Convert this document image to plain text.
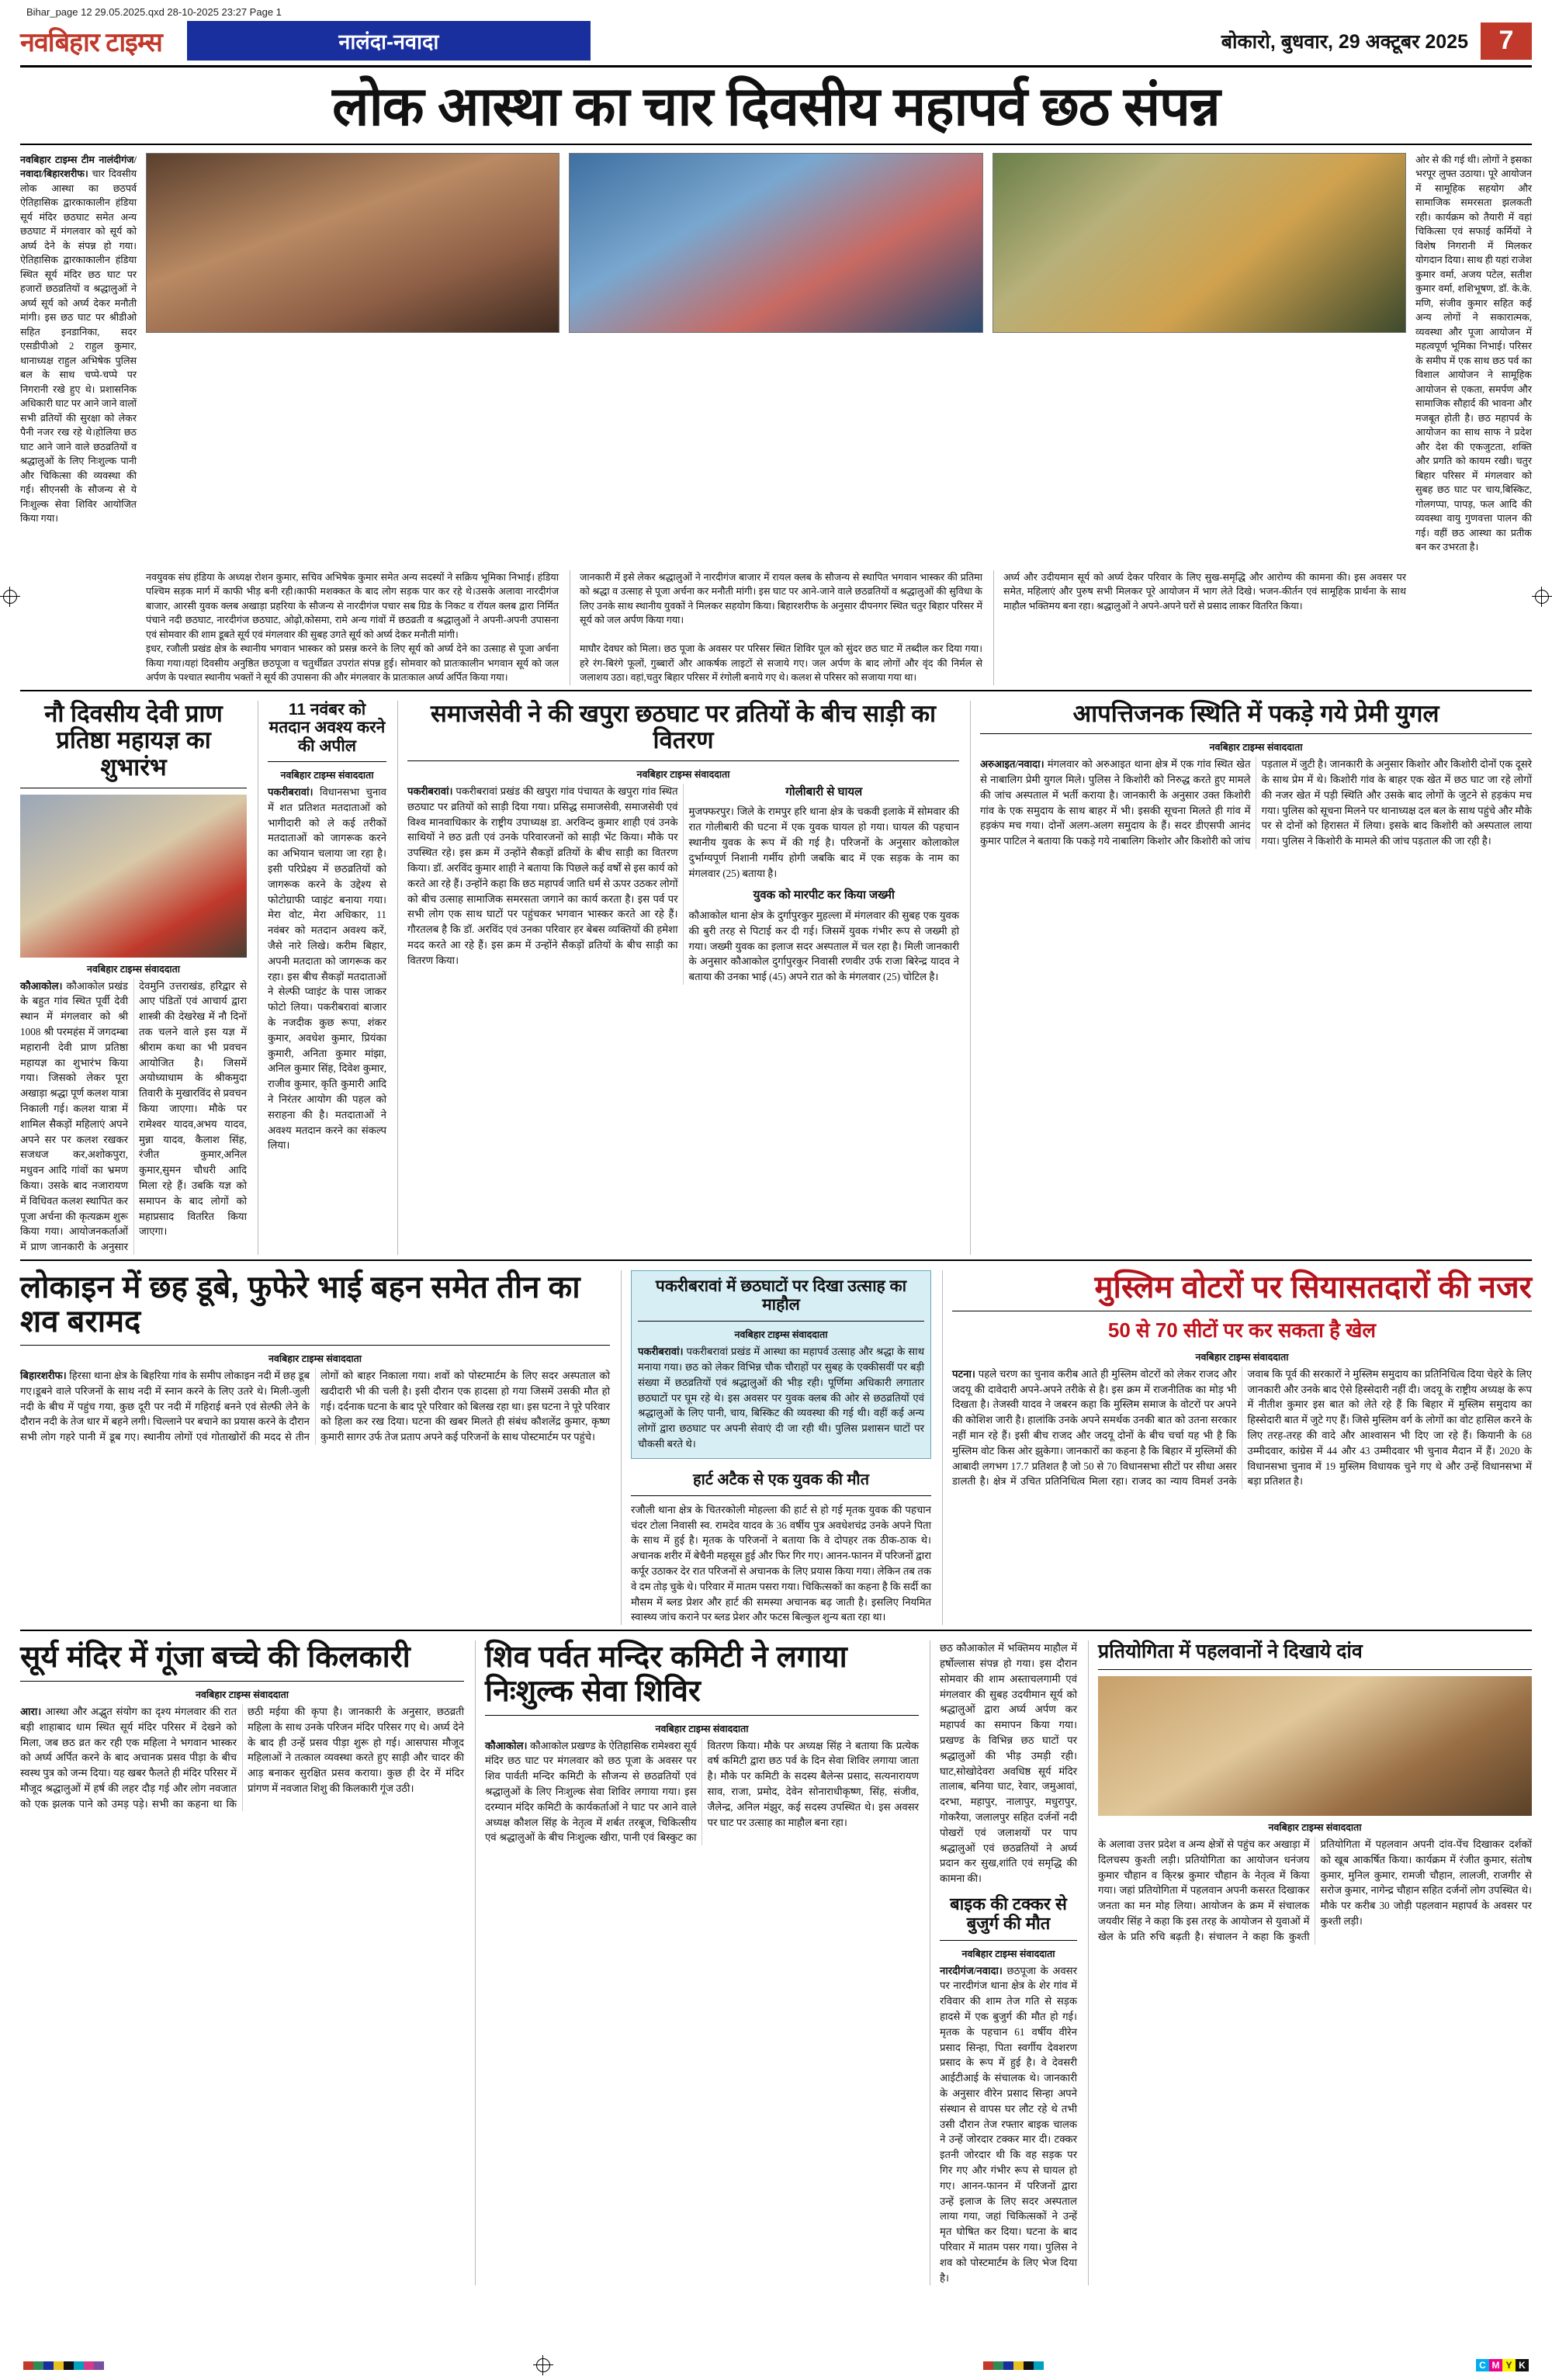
Bihar_page 12 29.05.2025.qxd 28-10-2025 23:27 Page 1
नवबिहार टाइम्स	नालंदा-नवादा	बोकारो, बुधवार, 29 अक्टूबर 2025	7
लोक आस्था का चार दिवसीय महापर्व छठ संपन्न
नवबिहार टाइम्स टीम नालंदीगंज/नवादा/बिहारशरीफ। चार दिवसीय लोक आस्था का छठपर्व ऐतिहासिक द्वारकाकालीन हंडिया सूर्य मंदिर छठघाट समेत अन्य छठघाट में मंगलवार को सूर्य को अर्घ्य देने के संपन्न हो गया। ऐतिहासिक द्वारकाकालीन हंडिया स्थित सूर्य मंदिर छठ घाट पर हजारों छठव्रतियों व श्रद्धालुओं ने अर्घ्य सूर्य को अर्घ्य देकर मनौती मांगी। इस छठ घाट पर श्रीडीओ सहित इनडानिका, सदर एसडीपीओ 2 राहुल कुमार, थानाध्यक्ष राहुल अभिषेक पुलिस बल के साथ चप्पे-चप्पे पर निगरानी रखे हुए थे। प्रशासनिक अधिकारी घाट पर आने जाने वालों सभी व्रतियों की सुरक्षा को लेकर पैनी नजर रख रहे थे।होलिया छठ घाट आने जाने वाले छठव्रतियों व श्रद्धालुओं के लिए निःशुल्क पानी और चिकित्सा की व्यवस्था की गई। सीएनसी के सौजन्य से ये निःशुल्क सेवा शिविर आयोजित किया गया।
ओर से की गई थी। लोगों ने इसका भरपूर लुफ्त उठाया। पूरे आयोजन में सामूहिक सहयोग और सामाजिक समरसता झलकती रही। कार्यक्रम को तैयारी में वहां चिकित्सा एवं सफाई कर्मियों ने विशेष निगरानी में मिलकर योगदान दिया। साथ ही यहां राजेश कुमार वर्मा, अजय पटेल, सतीश कुमार वर्मा, शशिभूषण, डॉ. के.के. मणि, संजीव कुमार सहित कई अन्य लोगों ने सकारात्मक, व्यवस्था और पूजा आयोजन में महत्वपूर्ण भूमिका निभाई। परिसर के समीप में एक साथ छठ पर्व का विशाल आयोजन ने सामूहिक आयोजन से एकता, समर्पण और सामाजिक सौहार्द की भावना और मजबूत होती है। छठ महापर्व के आयोजन का साथ साफ ने प्रदेश और देश की एकजुटता, शक्ति और प्रगति को कायम रखी। चतुर बिहार परिसर में मंगलवार को सुबह छठ घाट पर चाय,बिस्किट, गोलगप्पा, पापड़, फल आदि की व्यवस्था वायु गुणवत्ता पालन की गई। वहीं छठ आस्था का प्रतीक बन कर उभरता है।
नवयुवक संघ हंडिया के अध्यक्ष रोशन कुमार, सचिव अभिषेक कुमार समेत अन्य सदस्यों ने सक्रिय भूमिका निभाई। हंडिया पश्चिम सड़क मार्ग में काफी भीड़ बनी रही।काफी मशक्कत के बाद लोग सड़क पार कर रहे थे।उसके अलावा नारदीगंज बाजार, आरसी युवक क्लब अखाड़ा प्रहरिया के सौजन्य से नारदीगंज पचार सब ग्रिड के निकट व रॉयल क्लब द्वारा निर्मित पंचाने नदी छठघाट, नारदीगंज छठघाट, ओढ़ो,कोसमा, रामे अन्य गांवों में छठव्रती व श्रद्धालुओं ने अपनी-अपनी उपासना एवं सोमवार की शाम डूबते सूर्य एवं मंगलवार की सुबह उगते सूर्य को अर्घ्य देकर मनौती मांगी।
जानकारी में इसे लेकर श्रद्धालुओं ने नारदीगंज बाजार में रायल क्लब के सौजन्य से स्थापित भगवान भास्कर की प्रतिमा को श्रद्धा व उत्साह से पूजा अर्चना कर मनौती मांगी। इस घाट पर आने-जाने वाले छठव्रतियों व श्रद्धालुओं की सुविधा के लिए उनके साथ स्थानीय युवकों ने मिलकर सहयोग किया। बिहारशरीफ के अनुसार दीपनगर स्थित चतुर बिहार परिसर में सूर्य को जल अर्पण किया गया।
अर्घ्य और उदीयमान सूर्य को अर्घ्य देकर परिवार के लिए सुख-समृद्धि और आरोग्य की कामना की। इस अवसर पर समेत, महिलाएं और पुरुष सभी मिलकर पूरे आयोजन में भाग लेते दिखे। भजन-कीर्तन एवं सामूहिक प्रार्थना के साथ माहौल भक्तिमय बना रहा। श्रद्धालुओं ने अपने-अपने घरों से प्रसाद लाकर वितरित किया।
इधर, रजौली प्रखंड क्षेत्र के स्थानीय भगवान भास्कर को प्रसन्न करने के लिए सूर्य को अर्घ्य देने का उत्साह से पूजा अर्चना किया गया।यहां दिवसीय अनुष्ठित छठपूजा व चतुर्थीव्रत उपरांत संपन्न हुई। सोमवार को प्रातःकालीन भगवान सूर्य को जल अर्पण के पश्चात स्थानीय भक्तों ने सूर्य की उपासना की और मंगलवार के प्रातःकाल अर्घ्य अर्पित किया गया।
माघौर देवघर को मिला। छठ पूजा के अवसर पर परिसर स्थित शिविर पूल को सुंदर छठ घाट में तब्दील कर दिया गया। हरे रंग-बिरंगे फूलों, गुब्बारों और आकर्षक लाइटों से सजाये गए। जल अर्पण के बाद लोगों और वृंद की निर्मल से जलाशय उठा। वहां,चतुर बिहार परिसर में रंगोली बनाये गए थे। कलश से परिसर को सजाया गया था।

नौ दिवसीय देवी प्राण प्रतिष्ठा महायज्ञ का शुभारंभ
नवबिहार टाइम्स संवाददाता
कौआकोल। कौआकोल प्रखंड के बहुत गांव स्थित पूर्वी देवी स्थान में मंगलवार को श्री 1008 श्री परमहंस में जगदम्बा महारानी देवी प्राण प्रतिष्ठा महायज्ञ का शुभारंभ किया गया। जिसको लेकर पूरा अखाड़ा श्रद्धा पूर्ण कलश यात्रा निकाली गई। कलश यात्रा में शामिल सैकड़ों महिलाएं अपने अपने सर पर कलश रखकर सजधज कर,अशोकपुरा, मधुवन आदि गांवों का भ्रमण किया। उसके बाद नजारायण में विधिवत कलश स्थापित कर पूजा अर्चना की कृत्यक्रम शुरू किया गया। आयोजनकर्ताओं में प्राण जानकारी के अनुसार देवमुनि उत्तराखंड, हरिद्वार से आए पंडितों एवं आचार्य द्वारा शास्त्री की देखरेख में नौ दिनों तक चलने वाले इस यज्ञ में श्रीराम कथा का भी प्रवचन आयोजित है। जिसमें अयोध्याधाम के श्रीकमुदा तिवारी के मुखारविंद से प्रवचन किया जाएगा। मौके पर रामेश्वर यादव,अभय यादव, मुन्ना यादव, कैलाश सिंह, रंजीत कुमार,अनिल कुमार,सुमन चौधरी आदि मिला रहे हैं। उबकि यज्ञ को समापन के बाद लोगों को महाप्रसाद वितरित किया जाएगा।
11 नवंबर को मतदान अवश्य करने की अपील
नवबिहार टाइम्स संवाददाता
पकरीबरावां। विधानसभा चुनाव में शत प्रतिशत मतदाताओं को भागीदारी को ले कई तरीकों मतदाताओं को जागरूक करने का अभियान चलाया जा रहा है। इसी परिप्रेक्ष्य में छठव्रतियों को जागरूक करने के उद्देश्य से फोटोग्राफी प्वाइंट बनाया गया। मेरा वोट, मेरा अधिकार, 11 नवंबर को मतदान अवश्य करें, जैसे नारे लिखे। करीम बिहार, अपनी मतदाता को जागरूक कर रहा। इस बीच सैकड़ों मतदाताओं ने सेल्फी प्वाइंट के पास जाकर फोटो लिया। पकरीबरावां बाजार के नजदीक कुछ रूपा, शंकर कुमार, अवधेश कुमार, प्रियंका कुमारी, अनिता कुमार मांझा, अनिल कुमार सिंह, दिवेश कुमार, राजीव कुमार, कृति कुमारी आदि ने निरंतर आयोग की पहल को सराहना की है। मतदाताओं ने अवश्य मतदान करने का संकल्प लिया।
समाजसेवी ने की खपुरा छठघाट पर व्रतियों के बीच साड़ी का वितरण
नवबिहार टाइम्स संवाददाता
पकरीबरावां। पकरीबरावां प्रखंड की खपुरा गांव पंचायत के खपुरा गांव स्थित छठघाट पर व्रतियों को साड़ी दिया गया। प्रसिद्ध समाजसेवी, समाजसेवी एवं विश्व मानवाधिकार के राष्ट्रीय उपाध्यक्ष डा. अरविन्द कुमार शाही एवं उनके साथियों ने छठ व्रती एवं उनके परिवारजनों को साड़ी भेंट किया। मौके पर उपस्थित रहे। इस क्रम में उन्होंने सैकड़ों व्रतियों के बीच साड़ी का वितरण किया। डॉ. अरविंद कुमार शाही ने बताया कि पिछले कई वर्षों से इस कार्य को करते आ रहे हैं। उन्होंने कहा कि छठ महापर्व जाति धर्म से ऊपर उठकर लोगों को बीच उत्साह सामाजिक समरसता जगाने का कार्य करता है। इस पर्व पर सभी लोग एक साथ घाटों पर पहुंचकर भगवान भास्कर करते आ रहे हैं। गौरतलब है कि डॉ. अरविंद एवं उनका परिवार हर बेबस व्यक्तियों की हमेशा मदद करते आ रहे हैं। इस क्रम में उन्होंने सैकड़ों व्रतियों के बीच साड़ी का वितरण किया।
गोलीबारी से घायल
मुजफ्फरपुर। जिले के रामपुर हरि थाना क्षेत्र के चकवी इलाके में सोमवार की रात गोलीबारी की घटना में एक युवक घायल हो गया। घायल की पहचान स्थानीय युवक के रूप में की गई है। परिजनों के अनुसार कोलाकोल दुर्भाग्यपूर्ण निशानी गर्मीय होगी जबकि बाद में एक सड़क के नाम का मंगलवार (25) बताया है।
युवक को मारपीट कर किया जख्मी
कौआकोल थाना क्षेत्र के दुर्गापुरकुर मुहल्ला में मंगलवार की सुबह एक युवक की बुरी तरह से पिटाई कर दी गई। जिसमें युवक गंभीर रूप से जख्मी हो गया। जख्मी युवक का इलाज सदर अस्पताल में चल रहा है। मिली जानकारी के अनुसार कौआकोल दुर्गापुरकुर निवासी रणवीर उर्फ राजा बिरेन्द्र यादव ने बताया की उनका भाई (45) अपने रात को के मंगलवार (25) चोटिल है।
आपत्तिजनक स्थिति में पकड़े गये प्रेमी युगल
नवबिहार टाइम्स संवाददाता
अरुआइत/नवादा। मंगलवार को अरुआइत थाना क्षेत्र में एक गांव स्थित खेत से नाबालिग प्रेमी युगल मिले। पुलिस ने किशोरी को निरुद्ध करते हुए मामले की जांच अस्पताल में भर्ती कराया है। जानकारी के अनुसार उक्त किशोरी गांव के एक समुदाय के साथ बाहर में भी। इसकी सूचना मिलते ही गांव में हड़कंप मच गया। दोनों अलग-अलग समुदाय के हैं। सदर डीएसपी आनंद कुमार पाटिल ने बताया कि पकड़े गये नाबालिग किशोर और किशोरी को जांच पड़ताल में जुटी है। जानकारी के अनुसार किशोर और किशोरी दोनों एक दूसरे के साथ प्रेम में थे। किशोरी गांव के बाहर एक खेत में छठ घाट जा रहे लोगों की नजर खेत में पड़ी स्थिति और उसके बाद लोगों के जुटने से हड़कंप मच गया। पुलिस को सूचना मिलने पर थानाध्यक्ष दल बल के साथ पहुंचे और मौके पर से दोनों को हिरासत में लिया। इसके बाद किशोरी को अस्पताल लाया गया। पुलिस ने किशोरी के मामले की जांच पड़ताल की जा रही है।
लोकाइन में छह डूबे, फुफेरे भाई बहन समेत तीन का शव बरामद
नवबिहार टाइम्स संवाददाता
बिहारशरीफ। हिरसा थाना क्षेत्र के बिहरिया गांव के समीप लोकाइन नदी में छह डूब गए।डूबने वाले परिजनों के साथ नदी में स्नान करने के लिए उतरे थे। मिली-जुली नदी के बीच में पहुंच गया, कुछ दूरी पर नदी में गहिराई बनने एवं सेल्फी लेने के दौरान नदी के तेज धार में बहने लगी। चिल्लाने पर बचाने का प्रयास करने के दौरान सभी लोग गहरे पानी में डूब गए। स्थानीय लोगों एवं गोताखोरों की मदद से तीन लोगों को बाहर निकाला गया। शवों को पोस्टमार्टम के लिए सदर अस्पताल को खदीदारी भी की चली है। इसी दौरान एक हादसा हो गया जिसमें उसकी मौत हो गई। दर्दनाक घटना के बाद पूरे परिवार को बिलख रहा था। इस घटना ने पूरे परिवार को हिला कर रख दिया। घटना की खबर मिलते ही संबंध कौशलेंद्र कुमार, कृष्ण कुमारी सागर उर्फ तेज प्रताप अपने कई परिजनों के साथ पोस्टमार्टम पर पहुंचे।
पकरीबरावां में छठघाटों पर दिखा उत्साह का माहौल
नवबिहार टाइम्स संवाददाता
पकरीबरावां। पकरीबरावां प्रखंड में आस्था का महापर्व उत्साह और श्रद्धा के साथ मनाया गया। छठ को लेकर विभिन्न चौक चौराहों पर सुबह के एक्कीसवीं पर बड़ी संख्या में छठव्रतियों एवं श्रद्धालुओं की भीड़ रही। पूर्णिमा अधिकारी लगातार छठघाटों पर घूम रहे थे। इस अवसर पर युवक क्लब की ओर से छठव्रतियों एवं श्रद्धालुओं के लिए पानी, चाय, बिस्किट की व्यवस्था की गई थी। वहीं कई अन्य लोगों द्वारा छठघाट पर अपनी सेवाएं दी जा रही थी। पुलिस प्रशासन घाटों पर चौकसी बरते थे।
हार्ट अटैक से एक युवक की मौत
रजौली थाना क्षेत्र के चितरकोली मोहल्ला की हार्ट से हो गई मृतक युवक की पहचान चंदर टोला निवासी स्व. रामदेव यादव के 36 वर्षीय पुत्र अवधेशचंद्र उनके अपने पिता के साथ में हुई है। मृतक के परिजनों ने बताया कि वे दोपहर तक ठीक-ठाक थे। अचानक शरीर में बेचैनी महसूस हुई और फिर गिर गए। आनन-फानन में परिजनों द्वारा कर्पूर उठाकर देर रात परिजनों से अचानक के लिए प्रयास किया गया। लेकिन तब तक वे दम तोड़ चुके थे। परिवार में मातम पसरा गया। चिकित्सकों का कहना है कि सर्दी का मौसम में ब्लड प्रेशर और हार्ट की समस्या अचानक बढ़ जाती है। इसलिए नियमित स्वास्थ्य जांच कराने पर ब्लड प्रेशर और फटस बिल्कुल शुन्य बता रहा था।
मुस्लिम वोटरों पर सियासतदारों की नजर
50 से 70 सीटों पर कर सकता है खेल
नवबिहार टाइम्स संवाददाता
पटना। पहले चरण का चुनाव करीब आते ही मुस्लिम वोटरों को लेकर राजद और जदयू की दावेदारी अपने-अपने तरीके से है। इस क्रम में राजनीतिक का मोड़ भी दिखता है। तेजस्वी यादव ने जबरन कहा कि मुस्लिम समाज के वोटरों पर अपने की कोशिश जारी है। हालांकि उनके अपने समर्थक उनकी बात को उतना सरकार नहीं मान रहे हैं। इसी बीच राजद और जदयू दोनों के बीच चर्चा यह भी है कि मुस्लिम वोट किस ओर झुकेगा। जानकारों का कहना है कि बिहार में मुस्लिमों की आबादी लगभग 17.7 प्रतिशत है जो 50 से 70 विधानसभा सीटों पर सीधा असर डालती है। क्षेत्र में उचित प्रतिनिधित्व मिला रहा। राजद का न्याय विमर्श उनके जवाब कि पूर्व की सरकारों ने मुस्लिम समुदाय का प्रतिनिधित्व दिया चेहरे के लिए जानकारी और उनके बाद ऐसे हिस्सेदारी नहीं दी। जदयू के राष्ट्रीय अध्यक्ष के रूप में नीतीश कुमार इस बात को लेते रहे हैं कि बिहार में मुस्लिम समुदाय का हिस्सेदारी बात में जुटे गए हैं। जिसे मुस्लिम वर्ग के लोगों का वोट हासिल करने के लिए तरह-तरह की वादे और आश्वासन भी दिए जा रहे हैं। कियानी के 68 उम्मीदवार, कांग्रेस में 44 और 43 उम्मीदवार भी चुनाव मैदान में हैं। 2020 के विधानसभा चुनाव में 19 मुस्लिम विधायक चुने गए थे और उन्हें विधानसभा में बड़ा प्रतिशत है।
सूर्य मंदिर में गूंजा बच्चे की किलकारी
नवबिहार टाइम्स संवाददाता
आरा। आस्था और अद्भुत संयोग का दृश्य मंगलवार की रात बड़ी शाहाबाद धाम स्थित सूर्य मंदिर परिसर में देखने को मिला, जब छठ व्रत कर रही एक महिला ने भगवान भास्कर को अर्घ्य अर्पित करने के बाद अचानक प्रसव पीड़ा के बीच स्वस्थ पुत्र को जन्म दिया। यह खबर फैलते ही मंदिर परिसर में मौजूद श्रद्धालुओं में हर्ष की लहर दौड़ गई और लोग नवजात को एक झलक पाने को उमड़ पड़े। सभी का कहना था कि छठी मईया की कृपा है। जानकारी के अनुसार, छठव्रती महिला के साथ उनके परिजन मंदिर परिसर गए थे। अर्घ्य देने के बाद ही उन्हें प्रसव पीड़ा शुरू हो गई। आसपास मौजूद महिलाओं ने तत्काल व्यवस्था करते हुए साड़ी और चादर की आड़ बनाकर सुरक्षित प्रसव कराया। कुछ ही देर में मंदिर प्रांगण में नवजात शिशु की किलकारी गूंज उठी।
शिव पर्वत मन्दिर कमिटी ने लगाया निःशुल्क सेवा शिविर
नवबिहार टाइम्स संवाददाता
कौआकोल। कौआकोल प्रखण्ड के ऐतिहासिक रामेश्वरा सूर्य मंदिर छठ घाट पर मंगलवार को छठ पूजा के अवसर पर शिव पार्वती मन्दिर कमिटी के सौजन्य से छठव्रतियों एवं श्रद्धालुओं के लिए निःशुल्क सेवा शिविर लगाया गया। इस दरम्यान मंदिर कमिटी के कार्यकर्ताओं ने घाट पर आने वाले अध्यक्ष कौशल सिंह के नेतृत्व में शर्बत तरबूज, चिकित्सीय एवं श्रद्धालुओं के बीच निःशुल्क खीरा, पानी एवं बिस्कुट का वितरण किया। मौके पर अध्यक्ष सिंह ने बताया कि प्रत्येक वर्ष कमिटी द्वारा छठ पर्व के दिन सेवा शिविर लगाया जाता है। मौके पर कमिटी के सदस्य बैलेन्स प्रसाद, सत्यनारायण साव, राजा, प्रमोद, देवेन सोनाराधीकृष्ण, सिंह, संजीव, जैलेन्द्र, अनिल मंझुर, कई सदस्य उपस्थित थे। इस अवसर पर घाट पर उत्साह का माहौल बना रहा।
छठ कौआकोल में भक्तिमय माहौल में हर्षोल्लास संपन्न हो गया। इस दौरान सोमवार की शाम अस्ताचलगामी एवं मंगलवार की सुबह उदयीमान सूर्य को श्रद्धालुओं द्वारा अर्घ्य अर्पण कर महापर्व का समापन किया गया। प्रखण्ड के विभिन्न छठ घाटों पर श्रद्धालुओं की भीड़ उमड़ी रही। घाट,सोखोदेवरा अवधिष्ठ सूर्य मंदिर तालाब, बनिया घाट, रेवार, जमुआवां, दरभा, महापुर, नालापुर, मधुरापुर, गोकरैया, जलालपुर सहित दर्जनों नदी पोखरों एवं जलाशयों पर पाप श्रद्धालुओं एवं छठव्रतियों ने अर्घ्य प्रदान कर सुख,शांति एवं समृद्धि की कामना की।
बाइक की टक्कर से बुजुर्ग की मौत
नवबिहार टाइम्स संवाददाता
नारदीगंज/नवादा। छठपूजा के अवसर पर नारदीगंज थाना क्षेत्र के शेर गांव में रविवार की शाम तेज गति से सड़क हादसे में एक बुजुर्ग की मौत हो गई। मृतक के पहचान 61 वर्षीय वीरेन प्रसाद सिन्हा, पिता स्वर्गीय देवशरण प्रसाद के रूप में हुई है। वे देवसरी आईटीआई के संचालक थे। जानकारी के अनुसार वीरेन प्रसाद सिन्हा अपने संस्थान से वापस घर लौट रहे थे तभी उसी दौरान तेज रफ्तार बाइक चालक ने उन्हें जोरदार टक्कर मार दी। टक्कर इतनी जोरदार थी कि वह सड़क पर गिर गए और गंभीर रूप से घायल हो गए। आनन-फानन में परिजनों द्वारा उन्हें इलाज के लिए सदर अस्पताल लाया गया, जहां चिकित्सकों ने उन्हें मृत घोषित कर दिया। घटना के बाद परिवार में मातम पसर गया। पुलिस ने शव को पोस्टमार्टम के लिए भेज दिया है।
प्रतियोगिता में पहलवानों ने दिखाये दांव
नवबिहार टाइम्स संवाददाता
के अलावा उत्तर प्रदेश व अन्य क्षेत्रों से पहुंच कर अखाड़ा में दिलचस्प कुश्ती लड़ी। प्रतियोगिता का आयोजन धनंजय कुमार चौहान व कि्रश्न कुमार चौहान के नेतृत्व में किया गया। जहां प्रतियोगिता में पहलवान अपनी कसरत दिखाकर जनता का मन मोह लिया। आयोजन के क्रम में संचालक जयवीर सिंह ने कहा कि इस तरह के आयोजन से युवाओं में खेल के प्रति रुचि बढ़ती है। संचालन ने कहा कि कुश्ती प्रतियोगिता में पहलवान अपनी दांव-पेंच दिखाकर दर्शकों को खूब आकर्षित किया। कार्यक्रम में रंजीत कुमार, संतोष कुमार, मुनिल कुमार, रामजी चौहान, लालजी, राजगीर से सरोज कुमार, नागेन्द्र चौहान सहित दर्जनों लोग उपस्थित थे। मौके पर करीब 30 जोड़ी पहलवान महापर्व के अवसर पर कुश्ती लड़ी।
C M Y K
